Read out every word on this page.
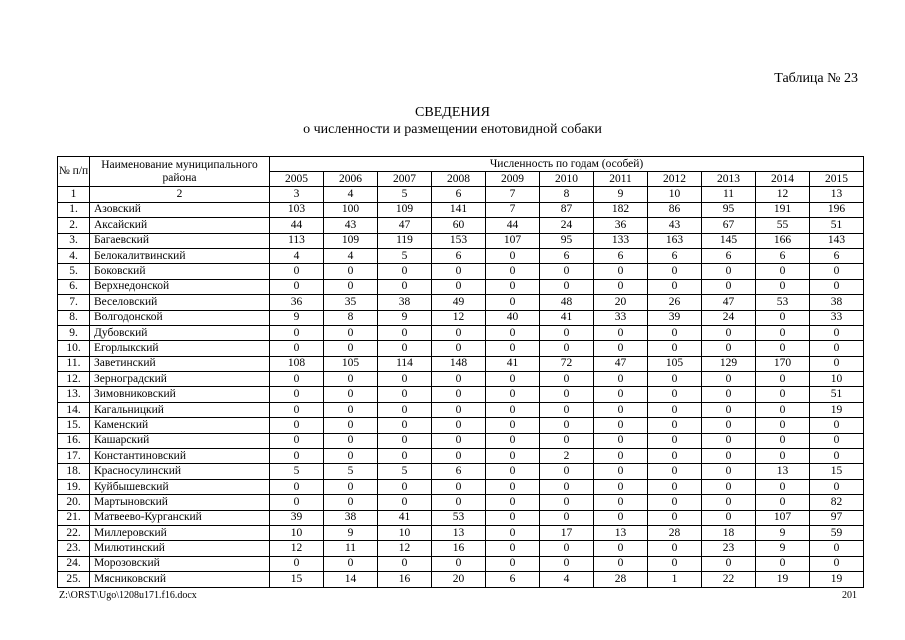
Таблица № 23
СВЕДЕНИЯ
о численности и размещении енотовидной собаки
№ п/п	Наименование муниципального района	Численность по годам (особей)										
		2005	2006	2007	2008	2009	2010	2011	2012	2013	2014	2015
1	2	3	4	5	6	7	8	9	10	11	12	13
1.	Азовский	103	100	109	141	7	87	182	86	95	191	196
2.	Аксайский	44	43	47	60	44	24	36	43	67	55	51
3.	Багаевский	113	109	119	153	107	95	133	163	145	166	143
4.	Белокалитвинский	4	4	5	6	0	6	6	6	6	6	6
5.	Боковский	0	0	0	0	0	0	0	0	0	0	0
6.	Верхнедонской	0	0	0	0	0	0	0	0	0	0	0
7.	Веселовский	36	35	38	49	0	48	20	26	47	53	38
8.	Волгодонской	9	8	9	12	40	41	33	39	24	0	33
9.	Дубовский	0	0	0	0	0	0	0	0	0	0	0
10.	Егорлыкский	0	0	0	0	0	0	0	0	0	0	0
11.	Заветинский	108	105	114	148	41	72	47	105	129	170	0
12.	Зерноградский	0	0	0	0	0	0	0	0	0	0	10
13.	Зимовниковский	0	0	0	0	0	0	0	0	0	0	51
14.	Кагальницкий	0	0	0	0	0	0	0	0	0	0	19
15.	Каменский	0	0	0	0	0	0	0	0	0	0	0
16.	Кашарский	0	0	0	0	0	0	0	0	0	0	0
17.	Константиновский	0	0	0	0	0	2	0	0	0	0	0
18.	Красносулинский	5	5	5	6	0	0	0	0	0	13	15
19.	Куйбышевский	0	0	0	0	0	0	0	0	0	0	0
20.	Мартыновский	0	0	0	0	0	0	0	0	0	0	82
21.	Матвеево-Курганский	39	38	41	53	0	0	0	0	0	107	97
22.	Миллеровский	10	9	10	13	0	17	13	28	18	9	59
23.	Милютинский	12	11	12	16	0	0	0	0	23	9	0
24.	Морозовский	0	0	0	0	0	0	0	0	0	0	0
25.	Мясниковский	15	14	16	20	6	4	28	1	22	19	19
Z:\ORST\Ugo\1208u171.f16.docx	201
